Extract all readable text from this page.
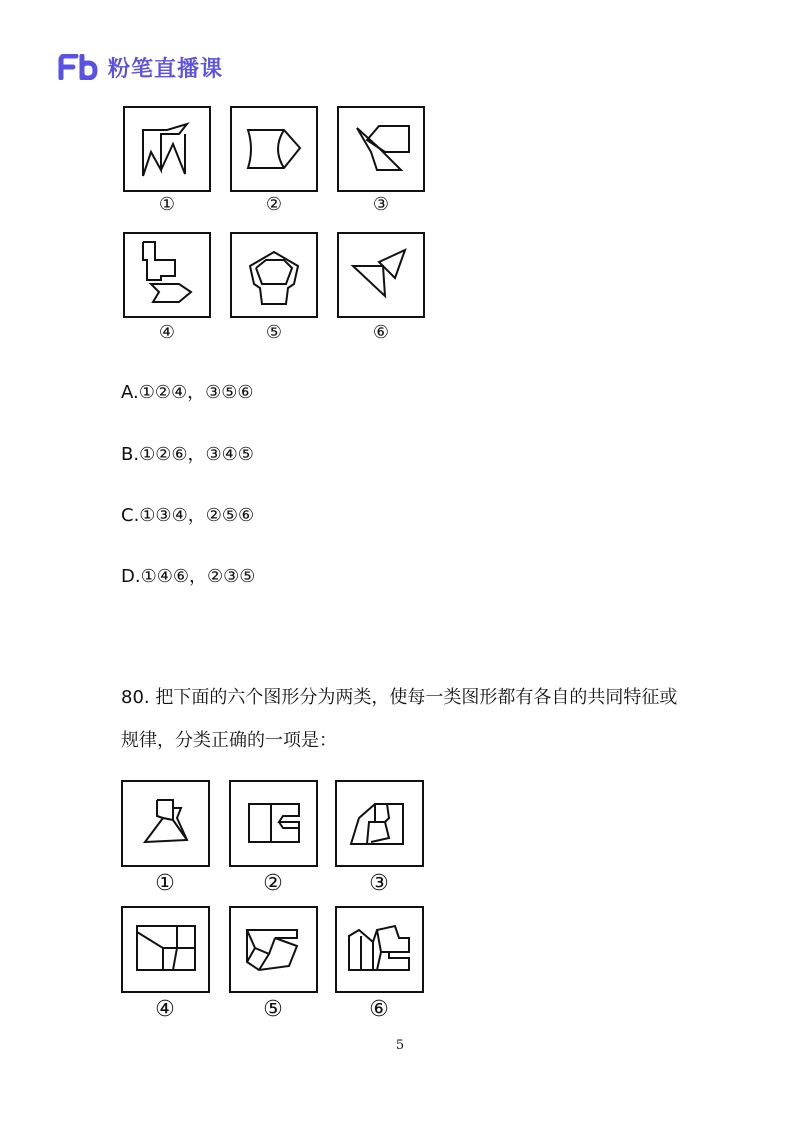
粉笔直播课
①	②	③
④	⑤	⑥
A.①②④，③⑤⑥
B.①②⑥，③④⑤
C.①③④，②⑤⑥
D.①④⑥，②③⑤
80. 把下面的六个图形分为两类，使每一类图形都有各自的共同特征或
规律，分类正确的一项是：
①	②	③
④	⑤	⑥
5
